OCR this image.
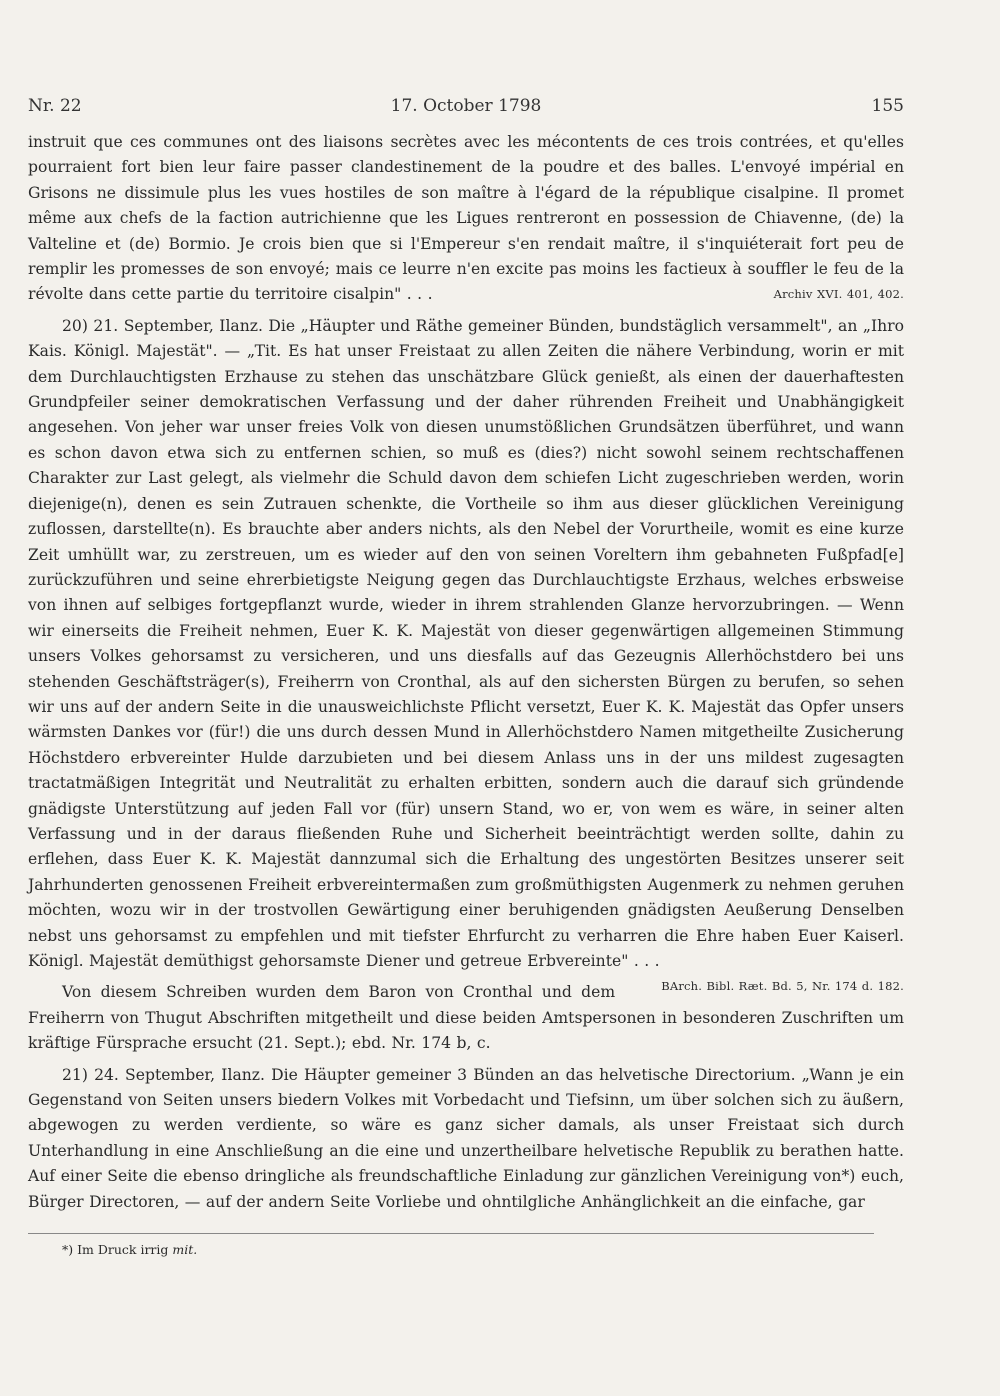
Nr. 22	17. October 1798	155

instruit que ces communes ont des liaisons secrètes avec les mécontents de ces trois contrées, et qu'elles pourraient fort bien leur faire passer clandestinement de la poudre et des balles. L'envoyé impérial en Grisons ne dissimule plus les vues hostiles de son maître à l'égard de la république cisalpine. Il promet même aux chefs de la faction autrichienne que les Ligues rentreront en possession de Chiavenne, (de) la Valteline et (de) Bormio. Je crois bien que si l'Empereur s'en rendait maître, il s'inquiéterait fort peu de remplir les promesses de son envoyé; mais ce leurre n'en excite pas moins les factieux à souffler le feu de la révolte dans cette partie du territoire cisalpin" . . .	Archiv XVI. 401, 402.

20) 21. September, Ilanz. Die „Häupter und Räthe gemeiner Bünden, bundstäglich versammelt", an „Ihro Kais. Königl. Majestät". — „Tit. Es hat unser Freistaat zu allen Zeiten die nähere Verbindung, worin er mit dem Durchlauchtigsten Erzhause zu stehen das unschätzbare Glück genießt, als einen der dauerhaftesten Grundpfeiler seiner demokratischen Verfassung und der daher rührenden Freiheit und Unabhängigkeit angesehen. Von jeher war unser freies Volk von diesen unumstößlichen Grundsätzen überführet, und wann es schon davon etwa sich zu entfernen schien, so muß es (dies?) nicht sowohl seinem rechtschaffenen Charakter zur Last gelegt, als vielmehr die Schuld davon dem schiefen Licht zugeschrieben werden, worin diejenige(n), denen es sein Zutrauen schenkte, die Vortheile so ihm aus dieser glücklichen Vereinigung zuflossen, darstellte(n). Es brauchte aber anders nichts, als den Nebel der Vorurtheile, womit es eine kurze Zeit umhüllt war, zu zerstreuen, um es wieder auf den von seinen Voreltern ihm gebahneten Fußpfad[e] zurückzuführen und seine ehrerbietigste Neigung gegen das Durchlauchtigste Erzhaus, welches erbsweise von ihnen auf selbiges fortgepflanzt wurde, wieder in ihrem strahlenden Glanze hervorzubringen. — Wenn wir einerseits die Freiheit nehmen, Euer K. K. Majestät von dieser gegenwärtigen allgemeinen Stimmung unsers Volkes gehorsamst zu versicheren, und uns diesfalls auf das Gezeugnis Allerhöchstdero bei uns stehenden Geschäftsträger(s), Freiherrn von Cronthal, als auf den sichersten Bürgen zu berufen, so sehen wir uns auf der andern Seite in die unausweichlichste Pflicht versetzt, Euer K. K. Majestät das Opfer unsers wärmsten Dankes vor (für!) die uns durch dessen Mund in Allerhöchstdero Namen mitgetheilte Zusicherung Höchstdero erbvereinter Hulde darzubieten und bei diesem Anlass uns in der uns mildest zugesagten tractatmäßigen Integrität und Neutralität zu erhalten erbitten, sondern auch die darauf sich gründende gnädigste Unterstützung auf jeden Fall vor (für) unsern Stand, wo er, von wem es wäre, in seiner alten Verfassung und in der daraus fließenden Ruhe und Sicherheit beeinträchtigt werden sollte, dahin zu erflehen, dass Euer K. K. Majestät dannzumal sich die Erhaltung des ungestörten Besitzes unserer seit Jahrhunderten genossenen Freiheit erbvereintermaßen zum großmüthigsten Augenmerk zu nehmen geruhen möchten, wozu wir in der trostvollen Gewärtigung einer beruhigenden gnädigsten Aeußerung Denselben nebst uns gehorsamst zu empfehlen und mit tiefster Ehrfurcht zu verharren die Ehre haben Euer Kaiserl. Königl. Majestät demüthigst gehorsamste Diener und getreue Erbvereinte" . . .
BArch. Bibl. Ræt. Bd. 5, Nr. 174 d. 182.

Von diesem Schreiben wurden dem Baron von Cronthal und dem Freiherrn von Thugut Abschriften mitgetheilt und diese beiden Amtspersonen in besonderen Zuschriften um kräftige Fürsprache ersucht (21. Sept.); ebd. Nr. 174 b, c.

21) 24. September, Ilanz. Die Häupter gemeiner 3 Bünden an das helvetische Directorium. „Wann je ein Gegenstand von Seiten unsers biedern Volkes mit Vorbedacht und Tiefsinn, um über solchen sich zu äußern, abgewogen zu werden verdiente, so wäre es ganz sicher damals, als unser Freistaat sich durch Unterhandlung in eine Anschließung an die eine und unzertheilbare helvetische Republik zu berathen hatte. Auf einer Seite die ebenso dringliche als freundschaftliche Einladung zur gänzlichen Vereinigung von*) euch, Bürger Directoren, — auf der andern Seite Vorliebe und ohntilgliche Anhänglichkeit an die einfache, gar

*) Im Druck irrig mit.
